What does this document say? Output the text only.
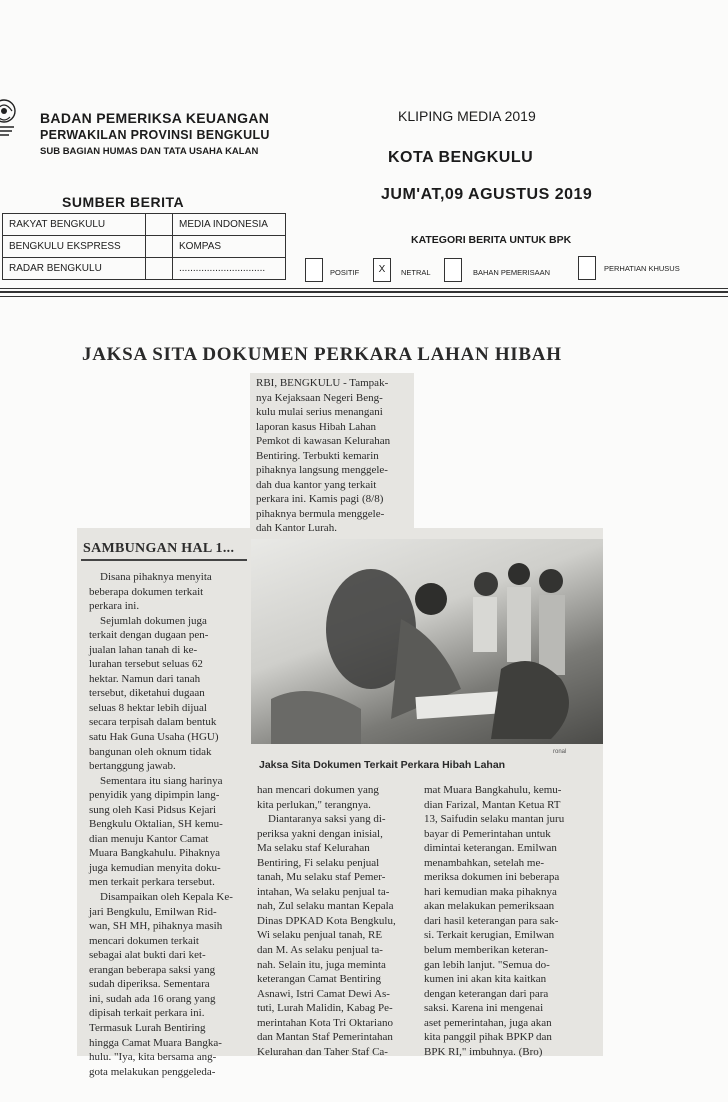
BADAN PEMERIKSA KEUANGAN
PERWAKILAN PROVINSI BENGKULU
SUB BAGIAN HUMAS DAN TATA USAHA KALAN
KLIPING MEDIA 2019
KOTA BENGKULU
JUM'AT,09 AGUSTUS 2019
SUMBER BERITA
RAKYAT BENGKULU		MEDIA INDONESIA
BENGKULU EKSPRESS		KOMPAS
RADAR BENGKULU		...............................
KATEGORI BERITA UNTUK BPK
POSITIF	X	NETRAL	BAHAN PEMERISAAN	PERHATIAN KHUSUS
JAKSA SITA DOKUMEN PERKARA LAHAN HIBAH
RBI, BENGKULU - Tampak-
nya Kejaksaan Negeri Beng-
kulu mulai serius menangani
laporan kasus Hibah Lahan
Pemkot di kawasan Kelurahan
Bentiring. Terbukti kemarin
pihaknya langsung menggele-
dah dua kantor yang terkait
perkara ini. Kamis pagi (8/8)
pihaknya bermula menggele-
dah Kantor Lurah.
SAMBUNGAN HAL 1...
Disana pihaknya menyita
beberapa dokumen terkait
perkara ini.
Sejumlah dokumen juga
terkait dengan dugaan pen-
jualan lahan tanah di ke-
lurahan tersebut seluas 62
hektar. Namun dari tanah
tersebut, diketahui dugaan
seluas 8 hektar lebih dijual
secara terpisah dalam bentuk
satu Hak Guna Usaha (HGU)
bangunan oleh oknum tidak
bertanggung jawab.
Sementara itu siang harinya
penyidik yang dipimpin lang-
sung oleh Kasi Pidsus Kejari
Bengkulu Oktalian, SH kemu-
dian menuju Kantor Camat
Muara Bangkahulu. Pihaknya
juga kemudian menyita doku-
men terkait perkara tersebut.
Disampaikan oleh Kepala Ke-
jari Bengkulu, Emilwan Rid-
wan, SH MH, pihaknya masih
mencari dokumen terkait
sebagai alat bukti dari ket-
erangan beberapa saksi yang
sudah diperiksa. Sementara
ini, sudah ada 16 orang yang
dipisah terkait perkara ini.
Termasuk Lurah Bentiring
hingga Camat Muara Bangka-
hulu. "Iya, kita bersama ang-
gota melakukan penggeleda-
ronal
Jaksa Sita Dokumen Terkait Perkara Hibah Lahan
han mencari dokumen yang
kita perlukan," terangnya.
Diantaranya saksi yang di-
periksa yakni dengan inisial,
Ma selaku staf Kelurahan
Bentiring, Fi selaku penjual
tanah, Mu selaku staf Pemer-
intahan, Wa selaku penjual ta-
nah, Zul selaku mantan Kepala
Dinas DPKAD Kota Bengkulu,
Wi selaku penjual tanah, RE
dan M. As selaku penjual ta-
nah. Selain itu, juga meminta
keterangan Camat Bentiring
Asnawi, Istri Camat Dewi As-
tuti, Lurah Malidin, Kabag Pe-
merintahan Kota Tri Oktariano
dan Mantan Staf Pemerintahan
Kelurahan dan Taher Staf Ca-
mat Muara Bangkahulu, kemu-
dian Farizal, Mantan Ketua RT
13, Saifudin selaku mantan juru
bayar di Pemerintahan untuk
dimintai keterangan. Emilwan
menambahkan, setelah me-
meriksa dokumen ini beberapa
hari kemudian maka pihaknya
akan melakukan pemeriksaan
dari hasil keterangan para sak-
si. Terkait kerugian, Emilwan
belum memberikan keteran-
gan lebih lanjut. "Semua do-
kumen ini akan kita kaitkan
dengan keterangan dari para
saksi. Karena ini mengenai
aset pemerintahan, juga akan
kita panggil pihak BPKP dan
BPK RI," imbuhnya. (Bro)
